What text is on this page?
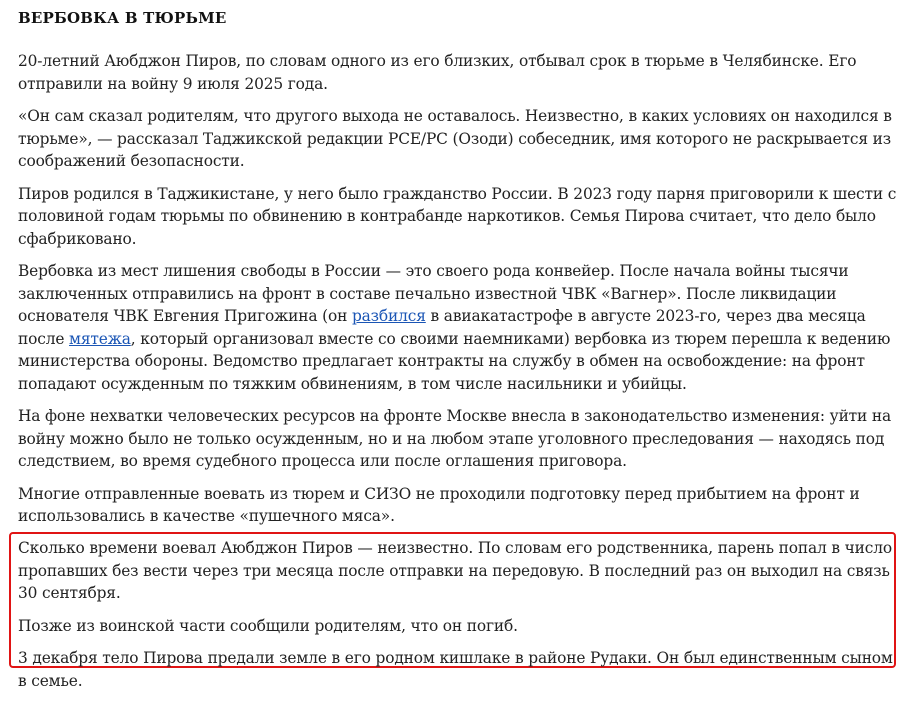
ВЕРБОВКА В ТЮРЬМЕ

20-летний Аюбджон Пиров, по словам одного из его близких, отбывал срок в тюрьме в Челябинске. Его отправили на войну 9 июля 2025 года.

«Он сам сказал родителям, что другого выхода не оставалось. Неизвестно, в каких условиях он находился в тюрьме», — рассказал Таджикской редакции РСЕ/РС (Озоди) собеседник, имя которого не раскрывается из соображений безопасности.

Пиров родился в Таджикистане, у него было гражданство России. В 2023 году парня приговорили к шести с половиной годам тюрьмы по обвинению в контрабанде наркотиков. Семья Пирова считает, что дело было сфабриковано.

Вербовка из мест лишения свободы в России — это своего рода конвейер. После начала войны тысячи заключенных отправились на фронт в составе печально известной ЧВК «Вагнер». После ликвидации основателя ЧВК Евгения Пригожина (он разбился в авиакатастрофе в августе 2023-го, через два месяца после мятежа, который организовал вместе со своими наемниками) вербовка из тюрем перешла к ведению министерства обороны. Ведомство предлагает контракты на службу в обмен на освобождение: на фронт попадают осужденным по тяжким обвинениям, в том числе насильники и убийцы.

На фоне нехватки человеческих ресурсов на фронте Москве внесла в законодательство изменения: уйти на войну можно было не только осужденным, но и на любом этапе уголовного преследования — находясь под следствием, во время судебного процесса или после оглашения приговора.

Многие отправленные воевать из тюрем и СИЗО не проходили подготовку перед прибытием на фронт и использовались в качестве «пушечного мяса».

Сколько времени воевал Аюбджон Пиров — неизвестно. По словам его родственника, парень попал в число пропавших без вести через три месяца после отправки на передовую. В последний раз он выходил на связь 30 сентября.

Позже из воинской части сообщили родителям, что он погиб.

3 декабря тело Пирова предали земле в его родном кишлаке в районе Рудаки. Он был единственным сыном в семье.
